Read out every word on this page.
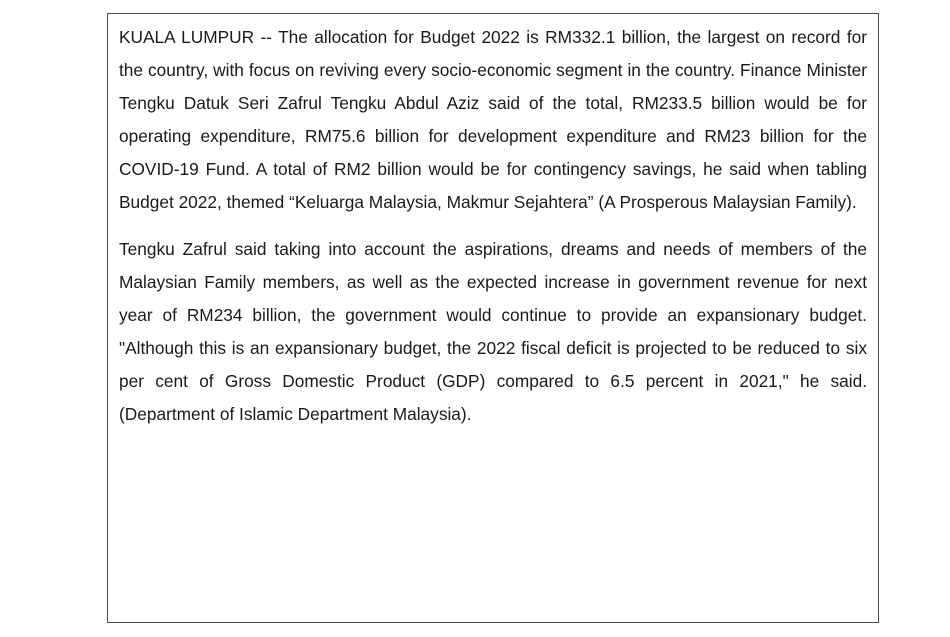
KUALA LUMPUR -- The allocation for Budget 2022 is RM332.1 billion, the largest on record for the country, with focus on reviving every socio-economic segment in the country. Finance Minister Tengku Datuk Seri Zafrul Tengku Abdul Aziz said of the total, RM233.5 billion would be for operating expenditure, RM75.6 billion for development expenditure and RM23 billion for the COVID-19 Fund. A total of RM2 billion would be for contingency savings, he said when tabling Budget 2022, themed “Keluarga Malaysia, Makmur Sejahtera” (A Prosperous Malaysian Family).

Tengku Zafrul said taking into account the aspirations, dreams and needs of members of the Malaysian Family members, as well as the expected increase in government revenue for next year of RM234 billion, the government would continue to provide an expansionary budget. "Although this is an expansionary budget, the 2022 fiscal deficit is projected to be reduced to six per cent of Gross Domestic Product (GDP) compared to 6.5 percent in 2021," he said. (Department of Islamic Department Malaysia).
